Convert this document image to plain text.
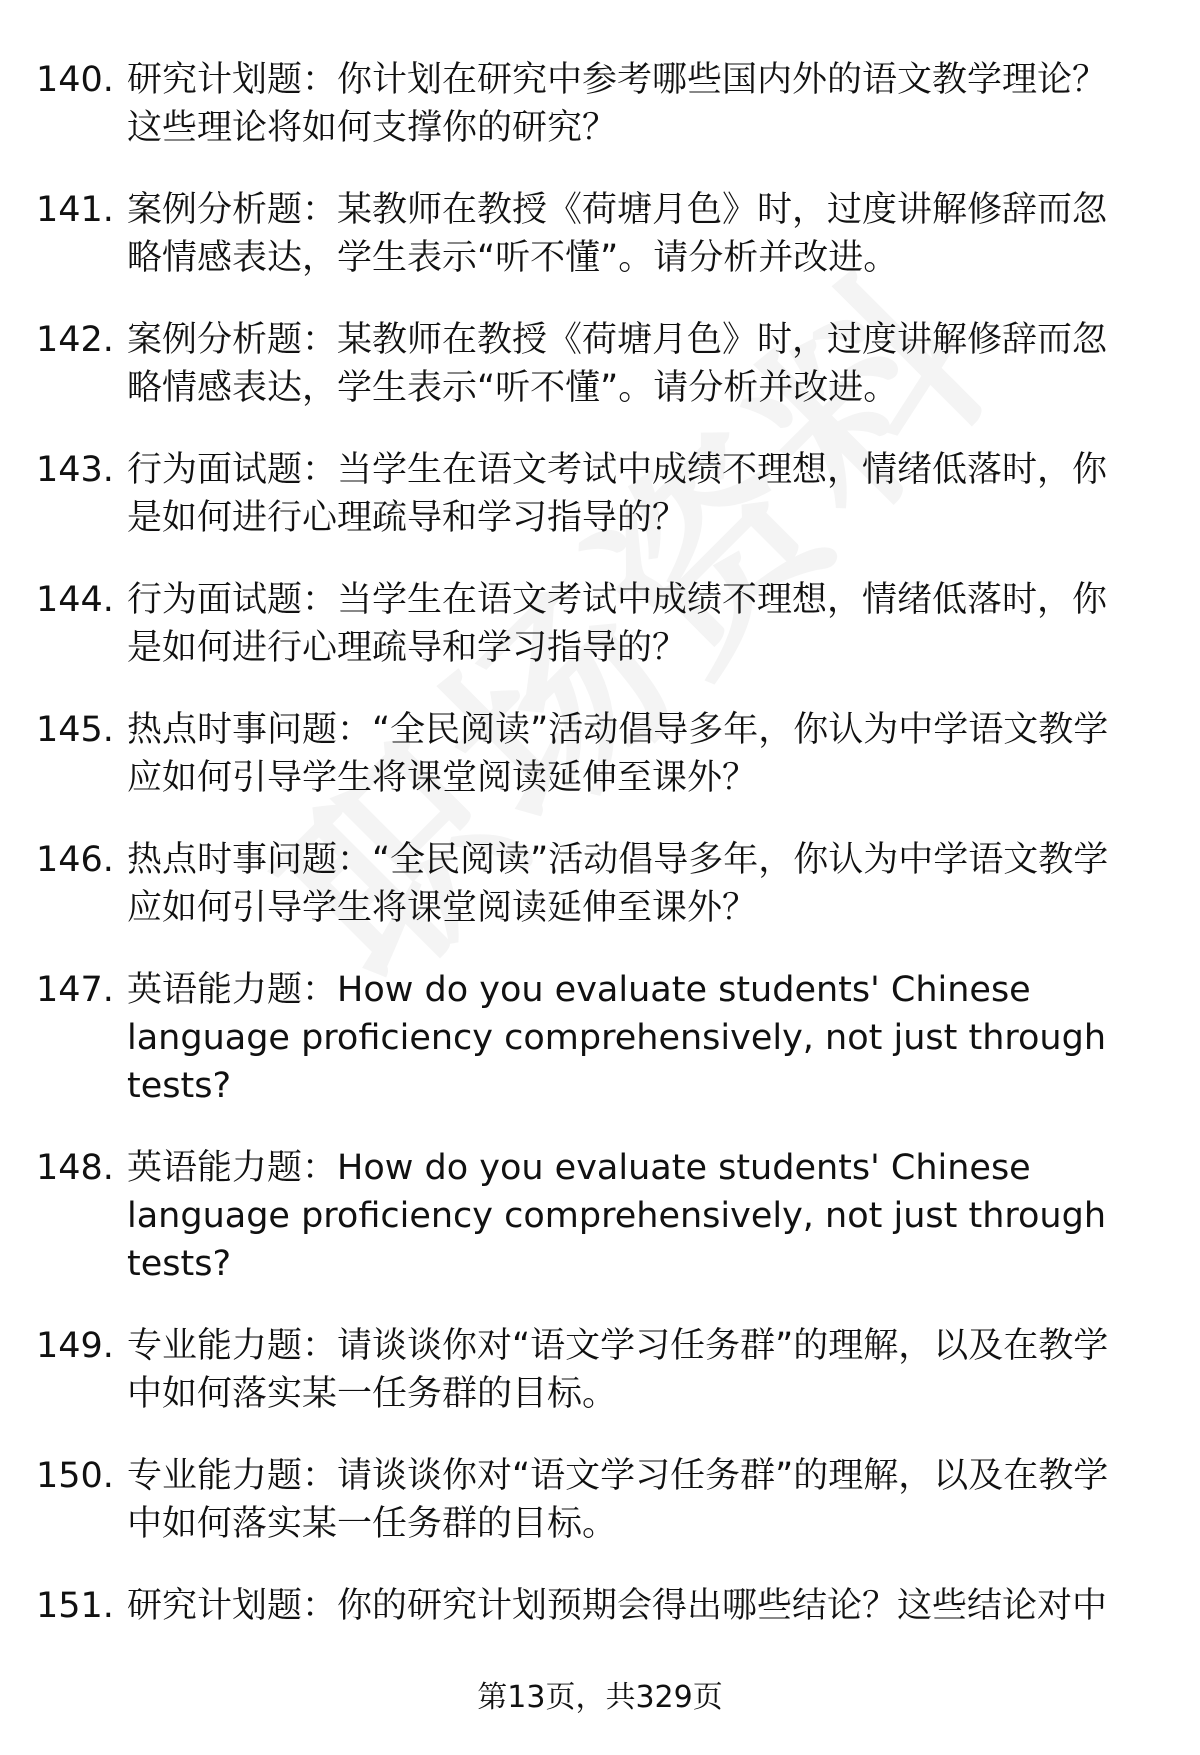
140. 研究计划题：你计划在研究中参考哪些国内外的语文教学理论？这些理论将如何支撑你的研究？
141. 案例分析题：某教师在教授《荷塘月色》时，过度讲解修辞而忽略情感表达，学生表示“听不懂”。请分析并改进。
142. 案例分析题：某教师在教授《荷塘月色》时，过度讲解修辞而忽略情感表达，学生表示“听不懂”。请分析并改进。
143. 行为面试题：当学生在语文考试中成绩不理想，情绪低落时，你是如何进行心理疏导和学习指导的？
144. 行为面试题：当学生在语文考试中成绩不理想，情绪低落时，你是如何进行心理疏导和学习指导的？
145. 热点时事问题：“全民阅读”活动倡导多年，你认为中学语文教学应如何引导学生将课堂阅读延伸至课外？
146. 热点时事问题：“全民阅读”活动倡导多年，你认为中学语文教学应如何引导学生将课堂阅读延伸至课外？
147. 英语能力题：How do you evaluate students' Chinese language proficiency comprehensively, not just through tests?
148. 英语能力题：How do you evaluate students' Chinese language proficiency comprehensively, not just through tests?
149. 专业能力题：请谈谈你对“语文学习任务群”的理解，以及在教学中如何落实某一任务群的目标。
150. 专业能力题：请谈谈你对“语文学习任务群”的理解，以及在教学中如何落实某一任务群的目标。
151. 研究计划题：你的研究计划预期会得出哪些结论？这些结论对中
第13页，共329页
